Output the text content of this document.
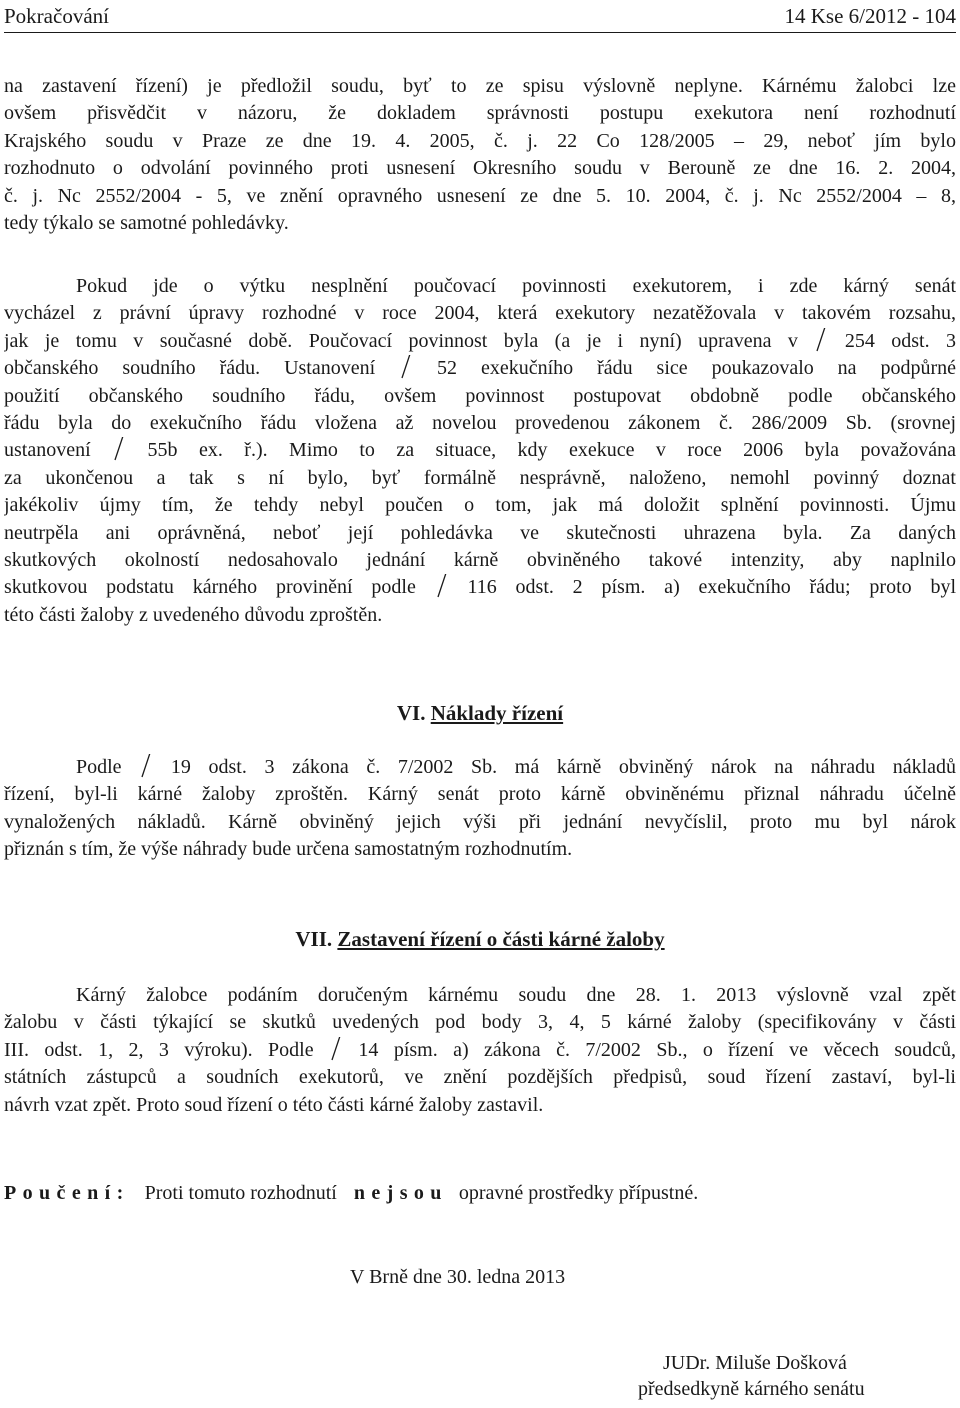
Pokračování	14 Kse 6/2012 - 104
na zastavení řízení) je předložil soudu, byť to ze spisu výslovně neplyne. Kárnému žalobci lze
ovšem přisvědčit v názoru, že dokladem správnosti postupu exekutora není rozhodnutí
Krajského soudu v Praze ze dne 19. 4. 2005, č. j. 22 Co 128/2005 – 29, neboť jím bylo
rozhodnuto o odvolání povinného proti usnesení Okresního soudu v Berouně ze dne 16. 2. 2004,
č. j. Nc 2552/2004 - 5, ve znění opravného usnesení ze dne 5. 10. 2004, č. j. Nc 2552/2004 – 8,
tedy týkalo se samotné pohledávky.
Pokud jde o výtku nesplnění poučovací povinnosti exekutorem, i zde kárný senát
vycházel z právní úpravy rozhodné v roce 2004, která exekutory nezatěžovala v takovém rozsahu,
jak je tomu v současné době. Poučovací povinnost byla (a je i nyní) upravena v 254 odst. 3
občanského soudního řádu. Ustanovení	52 exekučního řádu sice poukazovalo na podpůrné
použití občanského soudního řádu, ovšem povinnost postupovat obdobně podle občanského
řádu byla do exekučního řádu vložena až novelou provedenou zákonem č. 286/2009 Sb. (srovnej
ustanovení	55b ex. ř.). Mimo to za situace, kdy exekuce v roce 2006 byla považována
za ukončenou a tak s ní bylo, byť formálně nesprávně, naloženo, nemohl povinný doznat
jakékoliv újmy tím, že tehdy nebyl poučen o tom, jak má doložit splnění povinnosti. Újmu
neutrpěla ani oprávněná, neboť její pohledávka ve skutečnosti uhrazena byla. Za daných
skutkových okolností nedosahovalo jednání kárně obviněného takové intenzity, aby naplnilo
skutkovou podstatu kárného provinění podle	116 odst. 2 písm. a) exekučního řádu; proto byl
této části žaloby z uvedeného důvodu zproštěn.
VI. Náklady řízení
Podle 19 odst. 3 zákona č. 7/2002 Sb. má kárně obviněný nárok na náhradu nákladů
řízení, byl-li kárné žaloby zproštěn. Kárný senát proto kárně obviněnému přiznal náhradu účelně
vynaložených nákladů. Kárně obviněný jejich výši při jednání nevyčíslil, proto mu byl nárok
přiznán s tím, že výše náhrady bude určena samostatným rozhodnutím.
VII. Zastavení řízení o části kárné žaloby
Kárný žalobce podáním doručeným kárnému soudu dne 28. 1. 2013 výslovně vzal zpět
žalobu v části týkající se skutků uvedených pod body 3, 4, 5 kárné žaloby (specifikovány v části
III. odst. 1, 2, 3 výroku). Podle 14 písm. a) zákona č. 7/2002 Sb., o řízení ve věcech soudců,
státních zástupců a soudních exekutorů, ve znění pozdějších předpisů, soud řízení zastaví, byl-li
návrh vzat zpět. Proto soud řízení o této části kárné žaloby zastavil.
Poučení: Proti tomuto rozhodnutí nejsou opravné prostředky přípustné.
V Brně dne 30. ledna 2013
JUDr. Miluše Došková
předsedkyně kárného senátu
